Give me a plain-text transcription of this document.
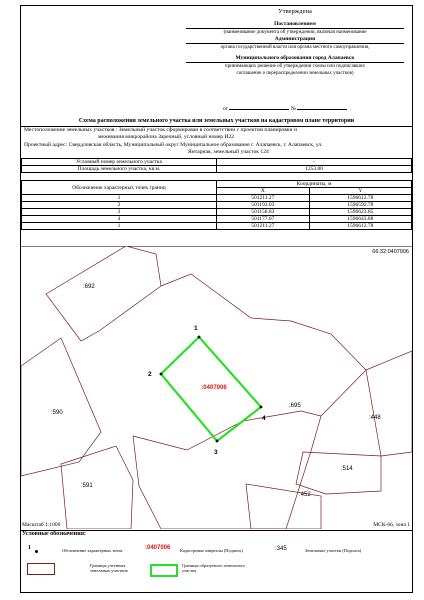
Утверждена
Постановлением
(наименование документа об утверждении, включая наименование
Администрации
органа государственной власти или органа местного самоуправления,
Муниципального образования город Алапаевск
принимающих решение об утверждении схемы или подписавших
соглашение о перераспределении земельных участков)
от	№
Схема расположения земельного участка или земельных участков на кадастровом плане территории
Местоположение земельных участков : Земельный участок сформирован в соответствии с проектом планировки и
межевания микрорайона Заречный, условный номер И22
Проектный адрес: Свердловская область, Муниципальный округ Муниципальное образование г. Алапаевск, г. Алапаевск, ул.
Янтарная, земельный участок 124
Условный номер земельного участка	-
Площадь земельного участка, кв.м.	1253.00
Обозначение характерных точек границ	Координаты, м	
	X	Y
1	501211.27	1596612.78
2	501193.03	1596592.78
3	501158.83	1596623.85
4	501177.07	1596643.88
1	501211.27	1596612.78
66:32:0407006
:0407006
:692
:590
:591
:695
:448
:514
:452
1
2
3
4
Масштаб 1:1000	МСК-66, зона 1
Условные обозначения:
1	Обозначение характерных точек	:0407006 Кадастровые кварталы (Подпись)	:345	Земельные участки (Подпись)
Границы учтенных земельных участков
Границы образуемого земельного участка
